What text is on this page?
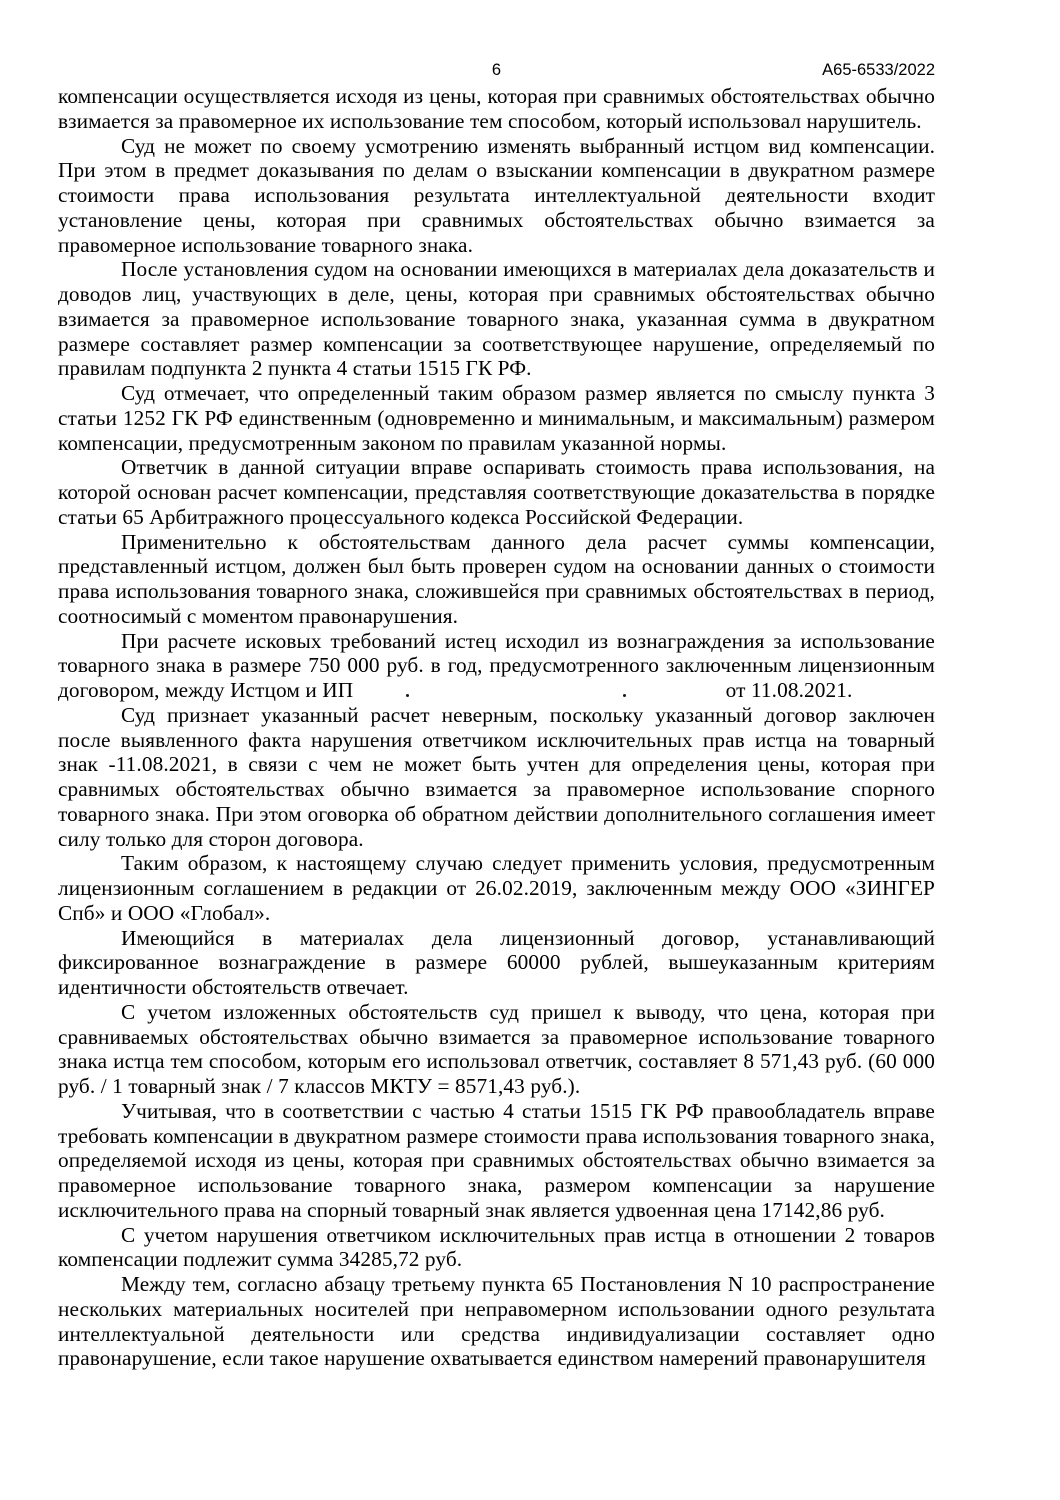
6	А65-6533/2022

компенсации осуществляется исходя из цены, которая при сравнимых обстоятельствах обычно взимается за правомерное их использование тем способом, который использовал нарушитель.

Суд не может по своему усмотрению изменять выбранный истцом вид компенсации. При этом в предмет доказывания по делам о взыскании компенсации в двукратном размере стоимости права использования результата интеллектуальной деятельности входит установление цены, которая при сравнимых обстоятельствах обычно взимается за правомерное использование товарного знака.

После установления судом на основании имеющихся в материалах дела доказательств и доводов лиц, участвующих в деле, цены, которая при сравнимых обстоятельствах обычно взимается за правомерное использование товарного знака, указанная сумма в двукратном размере составляет размер компенсации за соответствующее нарушение, определяемый по правилам подпункта 2 пункта 4 статьи 1515 ГК РФ.

Суд отмечает, что определенный таким образом размер является по смыслу пункта 3 статьи 1252 ГК РФ единственным (одновременно и минимальным, и максимальным) размером компенсации, предусмотренным законом по правилам указанной нормы.

Ответчик в данной ситуации вправе оспаривать стоимость права использования, на которой основан расчет компенсации, представляя соответствующие доказательства в порядке статьи 65 Арбитражного процессуального кодекса Российской Федерации.

Применительно к обстоятельствам данного дела расчет суммы компенсации, представленный истцом, должен был быть проверен судом на основании данных о стоимости права использования товарного знака, сложившейся при сравнимых обстоятельствах в период, соотносимый с моментом правонарушения.

При расчете исковых требований истец исходил из вознаграждения за использование товарного знака в размере 750 000 руб. в год, предусмотренного заключенным лицензионным договором, между Истцом и ИП	от 11.08.2021.

Суд признает указанный расчет неверным, поскольку указанный договор заключен после выявленного факта нарушения ответчиком исключительных прав истца на товарный знак -11.08.2021, в связи с чем не может быть учтен для определения цены, которая при сравнимых обстоятельствах обычно взимается за правомерное использование спорного товарного знака. При этом оговорка об обратном действии дополнительного соглашения имеет силу только для сторон договора.

Таким образом, к настоящему случаю следует применить условия, предусмотренным лицензионным соглашением в редакции от 26.02.2019, заключенным между ООО «ЗИНГЕР Спб» и ООО «Глобал».

Имеющийся в материалах дела лицензионный договор, устанавливающий фиксированное вознаграждение в размере 60000 рублей, вышеуказанным критериям идентичности обстоятельств отвечает.

С учетом изложенных обстоятельств суд пришел к выводу, что цена, которая при сравниваемых обстоятельствах обычно взимается за правомерное использование товарного знака истца тем способом, которым его использовал ответчик, составляет 8 571,43 руб. (60 000 руб. / 1 товарный знак / 7 классов МКТУ = 8571,43 руб.).

Учитывая, что в соответствии с частью 4 статьи 1515 ГК РФ правообладатель вправе требовать компенсации в двукратном размере стоимости права использования товарного знака, определяемой исходя из цены, которая при сравнимых обстоятельствах обычно взимается за правомерное использование товарного знака, размером компенсации за нарушение исключительного права на спорный товарный знак является удвоенная цена 17142,86 руб.

С учетом нарушения ответчиком исключительных прав истца в отношении 2 товаров компенсации подлежит сумма 34285,72 руб.

Между тем, согласно абзацу третьему пункта 65 Постановления N 10 распространение нескольких материальных носителей при неправомерном использовании одного результата интеллектуальной деятельности или средства индивидуализации составляет одно правонарушение, если такое нарушение охватывается единством намерений правонарушителя
